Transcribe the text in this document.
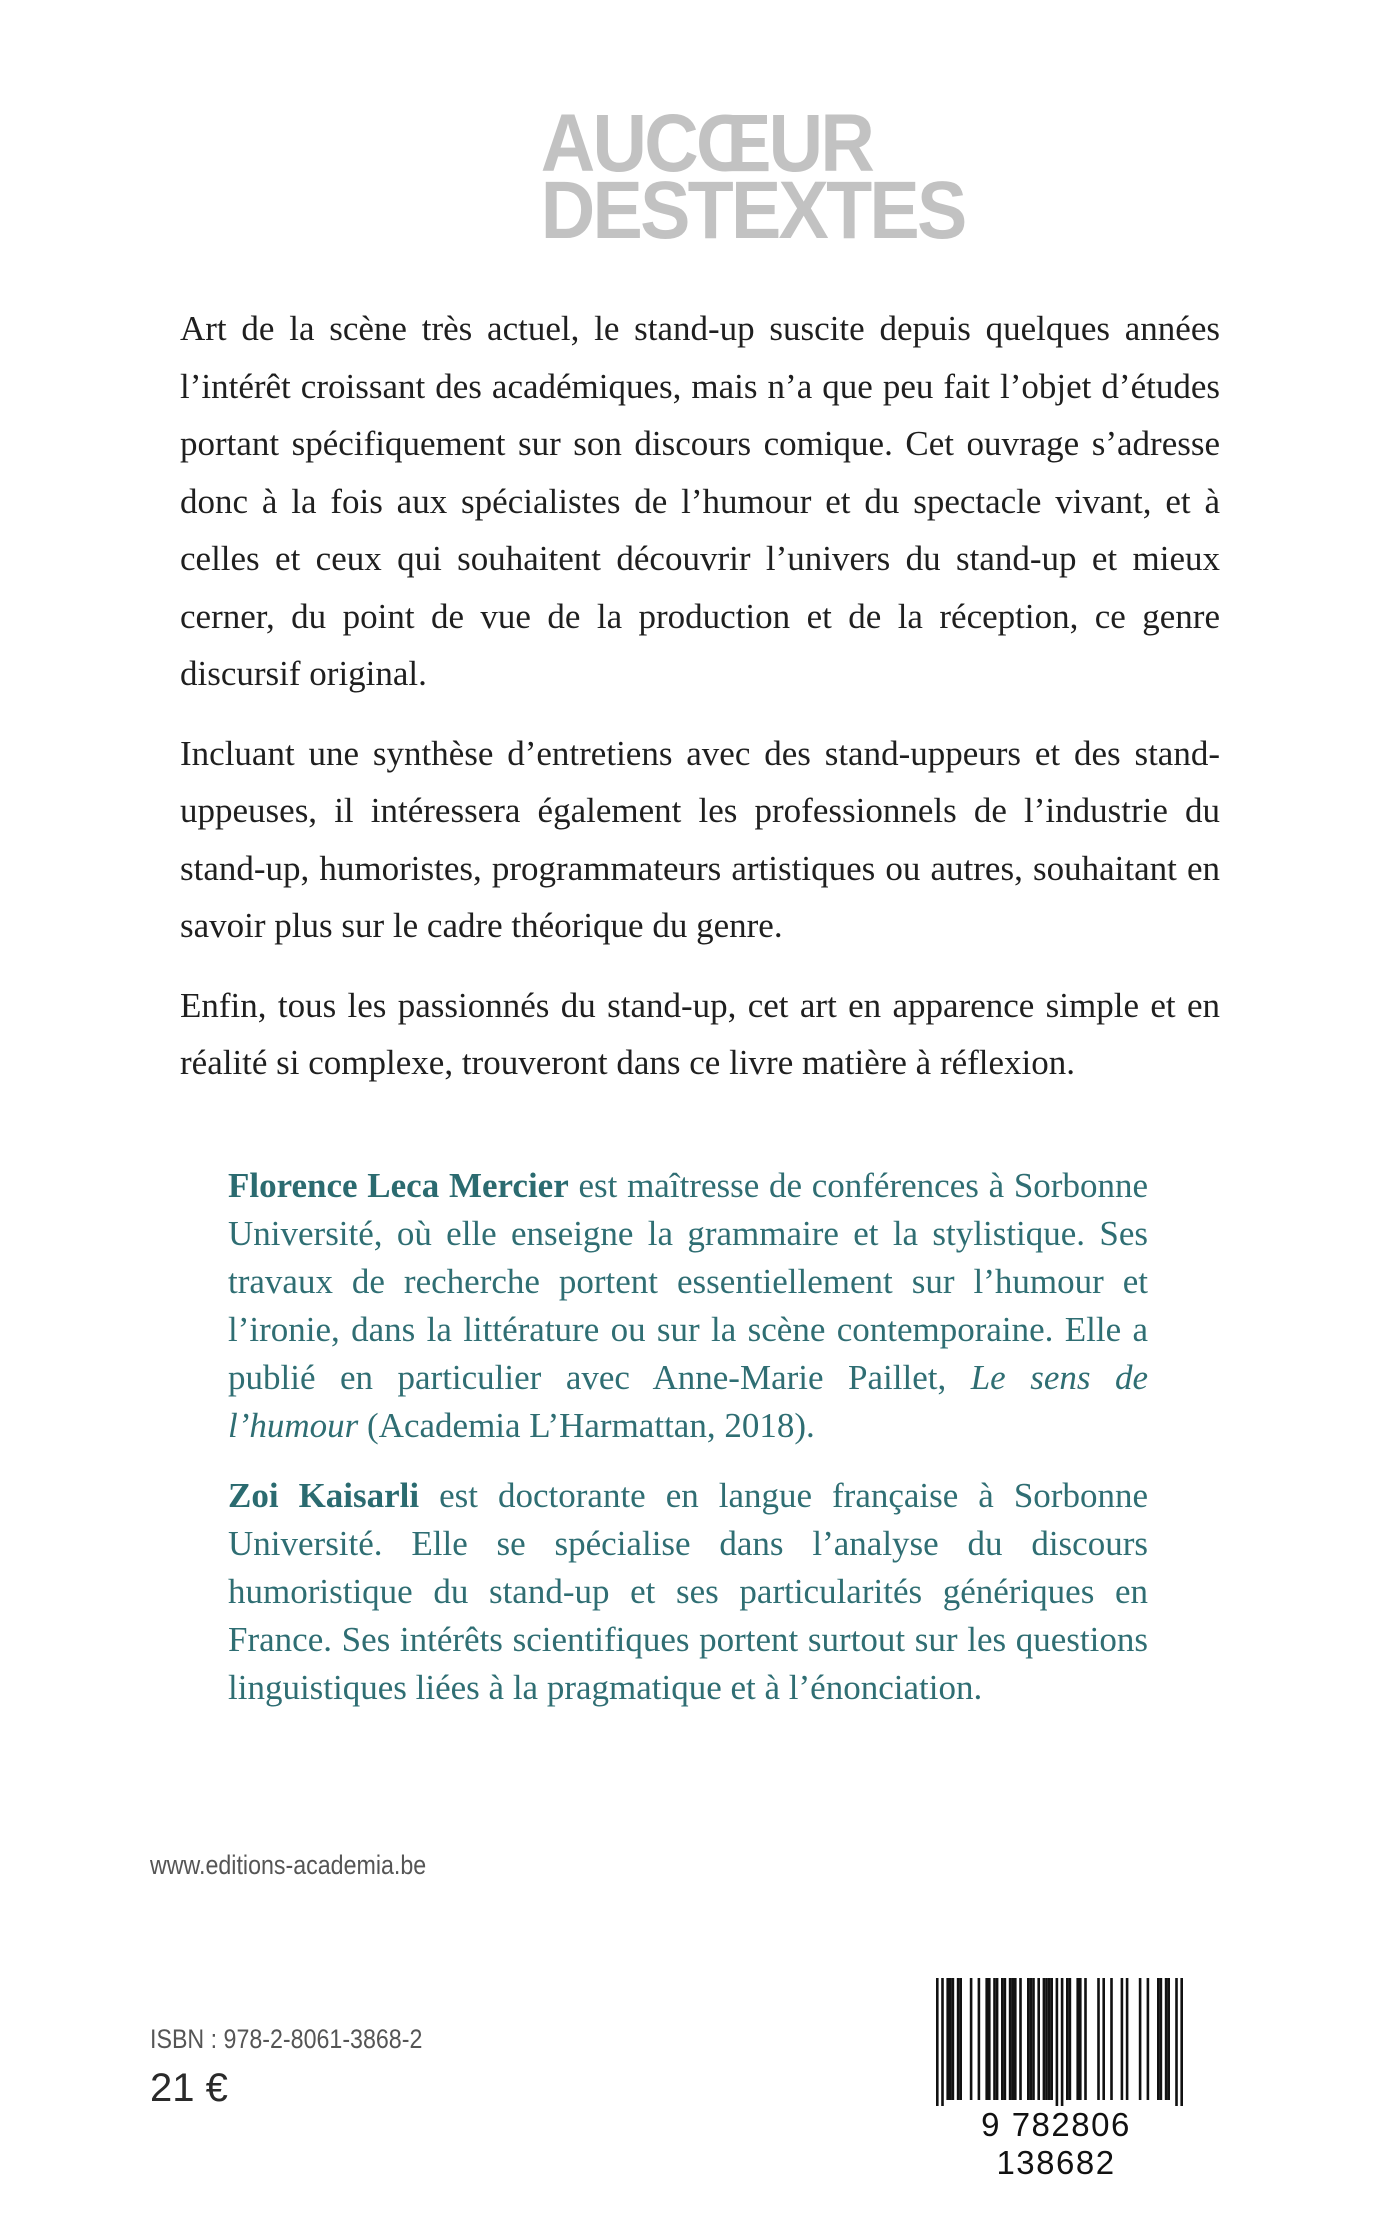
AUCŒUR
DESTEXTES

Art de la scène très actuel, le stand-up suscite depuis quelques années l’intérêt croissant des académiques, mais n’a que peu fait l’objet d’études portant spécifiquement sur son discours comique. Cet ouvrage s’adresse donc à la fois aux spécialistes de l’humour et du spectacle vivant, et à celles et ceux qui souhaitent découvrir l’univers du stand-up et mieux cerner, du point de vue de la production et de la réception, ce genre discursif original.

Incluant une synthèse d’entretiens avec des stand-uppeurs et des stand-uppeuses, il intéressera également les professionnels de l’industrie du stand-up, humoristes, programmateurs artistiques ou autres, souhaitant en savoir plus sur le cadre théorique du genre.

Enfin, tous les passionnés du stand-up, cet art en apparence simple et en réalité si complexe, trouveront dans ce livre matière à réflexion.

Florence Leca Mercier est maîtresse de conférences à Sorbonne Université, où elle enseigne la grammaire et la stylistique. Ses travaux de recherche portent essentiellement sur l’humour et l’ironie, dans la littérature ou sur la scène contemporaine. Elle a publié en particulier avec Anne-Marie Paillet, Le sens de l’humour (Academia L’Harmattan, 2018).

Zoi Kaisarli est doctorante en langue française à Sorbonne Université. Elle se spécialise dans l’analyse du discours humoristique du stand-up et ses particularités génériques en France. Ses intérêts scientifiques portent surtout sur les questions linguistiques liées à la pragmatique et à l’énonciation.

www.editions-academia.be
ISBN : 978-2-8061-3868-2
21 €
9 782806 138682
